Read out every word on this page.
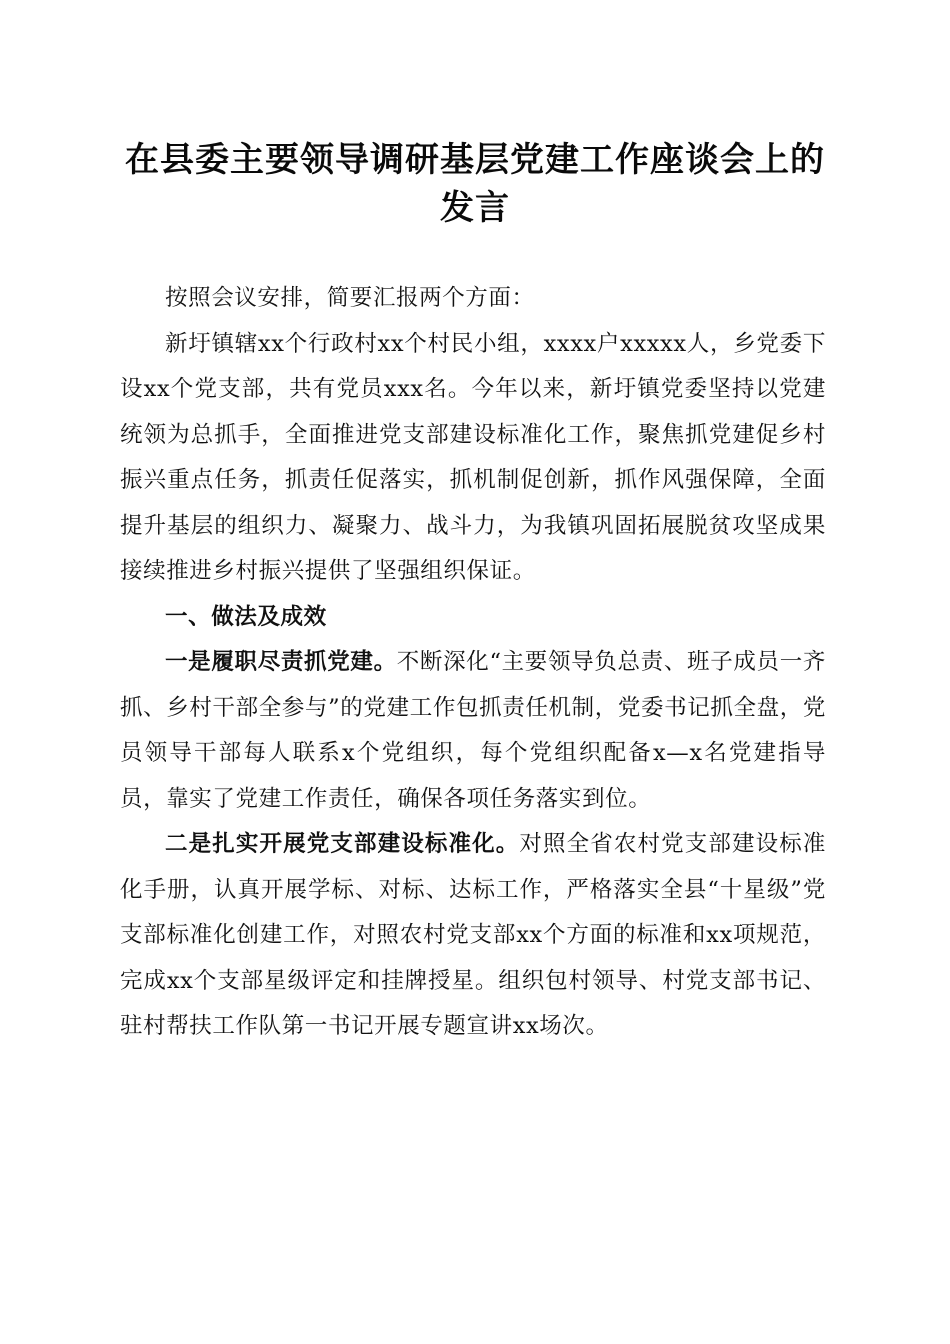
在县委主要领导调研基层党建工作座谈会上的
发言

按照会议安排，简要汇报两个方面：

新圩镇辖xx个行政村xx个村民小组，xxxx户xxxxx人，乡党委下设xx个党支部，共有党员xxx名。今年以来，新圩镇党委坚持以党建统领为总抓手，全面推进党支部建设标准化工作，聚焦抓党建促乡村振兴重点任务，抓责任促落实，抓机制促创新，抓作风强保障，全面提升基层的组织力、凝聚力、战斗力，为我镇巩固拓展脱贫攻坚成果接续推进乡村振兴提供了坚强组织保证。

一、做法及成效

一是履职尽责抓党建。不断深化“主要领导负总责、班子成员一齐抓、乡村干部全参与”的党建工作包抓责任机制，党委书记抓全盘，党员领导干部每人联系x个党组织，每个党组织配备x—x名党建指导员，靠实了党建工作责任，确保各项任务落实到位。

二是扎实开展党支部建设标准化。对照全省农村党支部建设标准化手册，认真开展学标、对标、达标工作，严格落实全县“十星级”党支部标准化创建工作，对照农村党支部xx个方面的标准和xx项规范，完成xx个支部星级评定和挂牌授星。组织包村领导、村党支部书记、驻村帮扶工作队第一书记开展专题宣讲xx场次。
